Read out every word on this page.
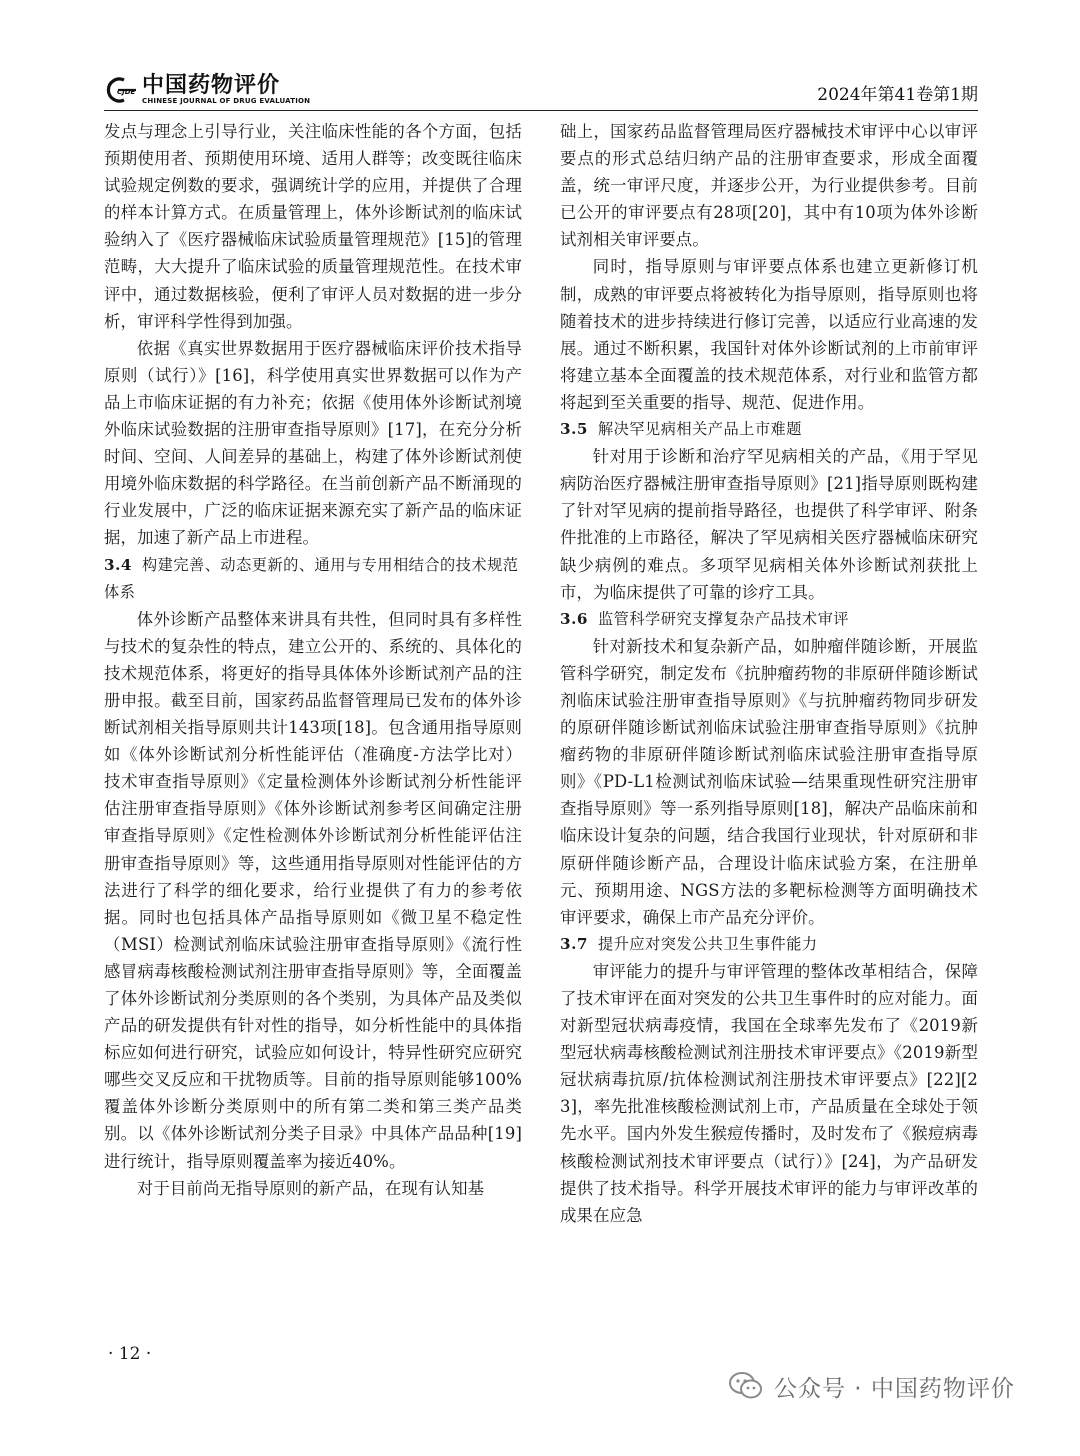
CJDE 中国药物评价
CHINESE JOURNAL OF DRUG EVALUATION	2024年第41卷第1期

发点与理念上引导行业，关注临床性能的各个方面，包括预期使用者、预期使用环境、适用人群等；改变既往临床试验规定例数的要求，强调统计学的应用，并提供了合理的样本计算方式。在质量管理上，体外诊断试剂的临床试验纳入了《医疗器械临床试验质量管理规范》[15]的管理范畴，大大提升了临床试验的质量管理规范性。在技术审评中，通过数据核验，便利了审评人员对数据的进一步分析，审评科学性得到加强。

依据《真实世界数据用于医疗器械临床评价技术指导原则（试行）》[16]，科学使用真实世界数据可以作为产品上市临床证据的有力补充；依据《使用体外诊断试剂境外临床试验数据的注册审查指导原则》[17]，在充分分析时间、空间、人间差异的基础上，构建了体外诊断试剂使用境外临床数据的科学路径。在当前创新产品不断涌现的行业发展中，广泛的临床证据来源充实了新产品的临床证据，加速了新产品上市进程。

3.4 构建完善、动态更新的、通用与专用相结合的技术规范体系

体外诊断产品整体来讲具有共性，但同时具有多样性与技术的复杂性的特点，建立公开的、系统的、具体化的技术规范体系，将更好的指导具体体外诊断试剂产品的注册申报。截至目前，国家药品监督管理局已发布的体外诊断试剂相关指导原则共计143项[18]。包含通用指导原则如《体外诊断试剂分析性能评估（准确度-方法学比对）技术审查指导原则》《定量检测体外诊断试剂分析性能评估注册审查指导原则》《体外诊断试剂参考区间确定注册审查指导原则》《定性检测体外诊断试剂分析性能评估注册审查指导原则》等，这些通用指导原则对性能评估的方法进行了科学的细化要求，给行业提供了有力的参考依据。同时也包括具体产品指导原则如《微卫星不稳定性（MSI）检测试剂临床试验注册审查指导原则》《流行性感冒病毒核酸检测试剂注册审查指导原则》等，全面覆盖了体外诊断试剂分类原则的各个类别，为具体产品及类似产品的研发提供有针对性的指导，如分析性能中的具体指标应如何进行研究，试验应如何设计，特异性研究应研究哪些交叉反应和干扰物质等。目前的指导原则能够100%覆盖体外诊断分类原则中的所有第二类和第三类产品类别。以《体外诊断试剂分类子目录》中具体产品品种[19]进行统计，指导原则覆盖率为接近40%。

对于目前尚无指导原则的新产品，在现有认知基

础上，国家药品监督管理局医疗器械技术审评中心以审评要点的形式总结归纳产品的注册审查要求，形成全面覆盖，统一审评尺度，并逐步公开，为行业提供参考。目前已公开的审评要点有28项[20]，其中有10项为体外诊断试剂相关审评要点。

同时，指导原则与审评要点体系也建立更新修订机制，成熟的审评要点将被转化为指导原则，指导原则也将随着技术的进步持续进行修订完善，以适应行业高速的发展。通过不断积累，我国针对体外诊断试剂的上市前审评将建立基本全面覆盖的技术规范体系，对行业和监管方都将起到至关重要的指导、规范、促进作用。

3.5 解决罕见病相关产品上市难题

针对用于诊断和治疗罕见病相关的产品，《用于罕见病防治医疗器械注册审查指导原则》[21]指导原则既构建了针对罕见病的提前指导路径，也提供了科学审评、附条件批准的上市路径，解决了罕见病相关医疗器械临床研究缺少病例的难点。多项罕见病相关体外诊断试剂获批上市，为临床提供了可靠的诊疗工具。

3.6 监管科学研究支撑复杂产品技术审评

针对新技术和复杂新产品，如肿瘤伴随诊断，开展监管科学研究，制定发布《抗肿瘤药物的非原研伴随诊断试剂临床试验注册审查指导原则》《与抗肿瘤药物同步研发的原研伴随诊断试剂临床试验注册审查指导原则》《抗肿瘤药物的非原研伴随诊断试剂临床试验注册审查指导原则》《PD-L1检测试剂临床试验—结果重现性研究注册审查指导原则》等一系列指导原则[18]，解决产品临床前和临床设计复杂的问题，结合我国行业现状，针对原研和非原研伴随诊断产品，合理设计临床试验方案，在注册单元、预期用途、NGS方法的多靶标检测等方面明确技术审评要求，确保上市产品充分评价。

3.7 提升应对突发公共卫生事件能力

审评能力的提升与审评管理的整体改革相结合，保障了技术审评在面对突发的公共卫生事件时的应对能力。面对新型冠状病毒疫情，我国在全球率先发布了《2019新型冠状病毒核酸检测试剂注册技术审评要点》《2019新型冠状病毒抗原/抗体检测试剂注册技术审评要点》[22][23]，率先批准核酸检测试剂上市，产品质量在全球处于领先水平。国内外发生猴痘传播时，及时发布了《猴痘病毒核酸检测试剂技术审评要点（试行）》[24]，为产品研发提供了技术指导。科学开展技术审评的能力与审评改革的成果在应急

· 12 ·
公众号 · 中国药物评价
